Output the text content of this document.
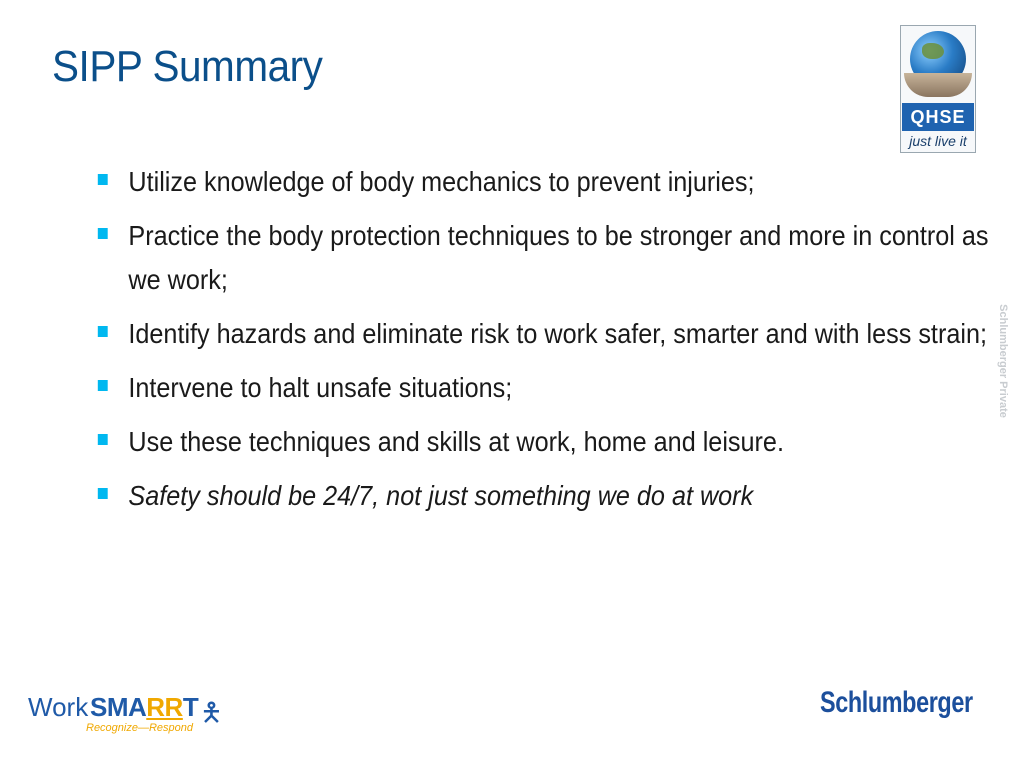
SIPP Summary
Utilize knowledge of body mechanics to prevent injuries;
Practice the body protection techniques to be stronger and more in control as we work;
Identify hazards and eliminate risk to work safer, smarter and with less strain;
Intervene to halt unsafe situations;
Use these techniques and skills at work, home and leisure.
Safety should be 24/7, not just something we do at work
QHSE
just live it
Schlumberger Private
Work SMARRT 🯅
Recognize—Respond
Schlumberger
